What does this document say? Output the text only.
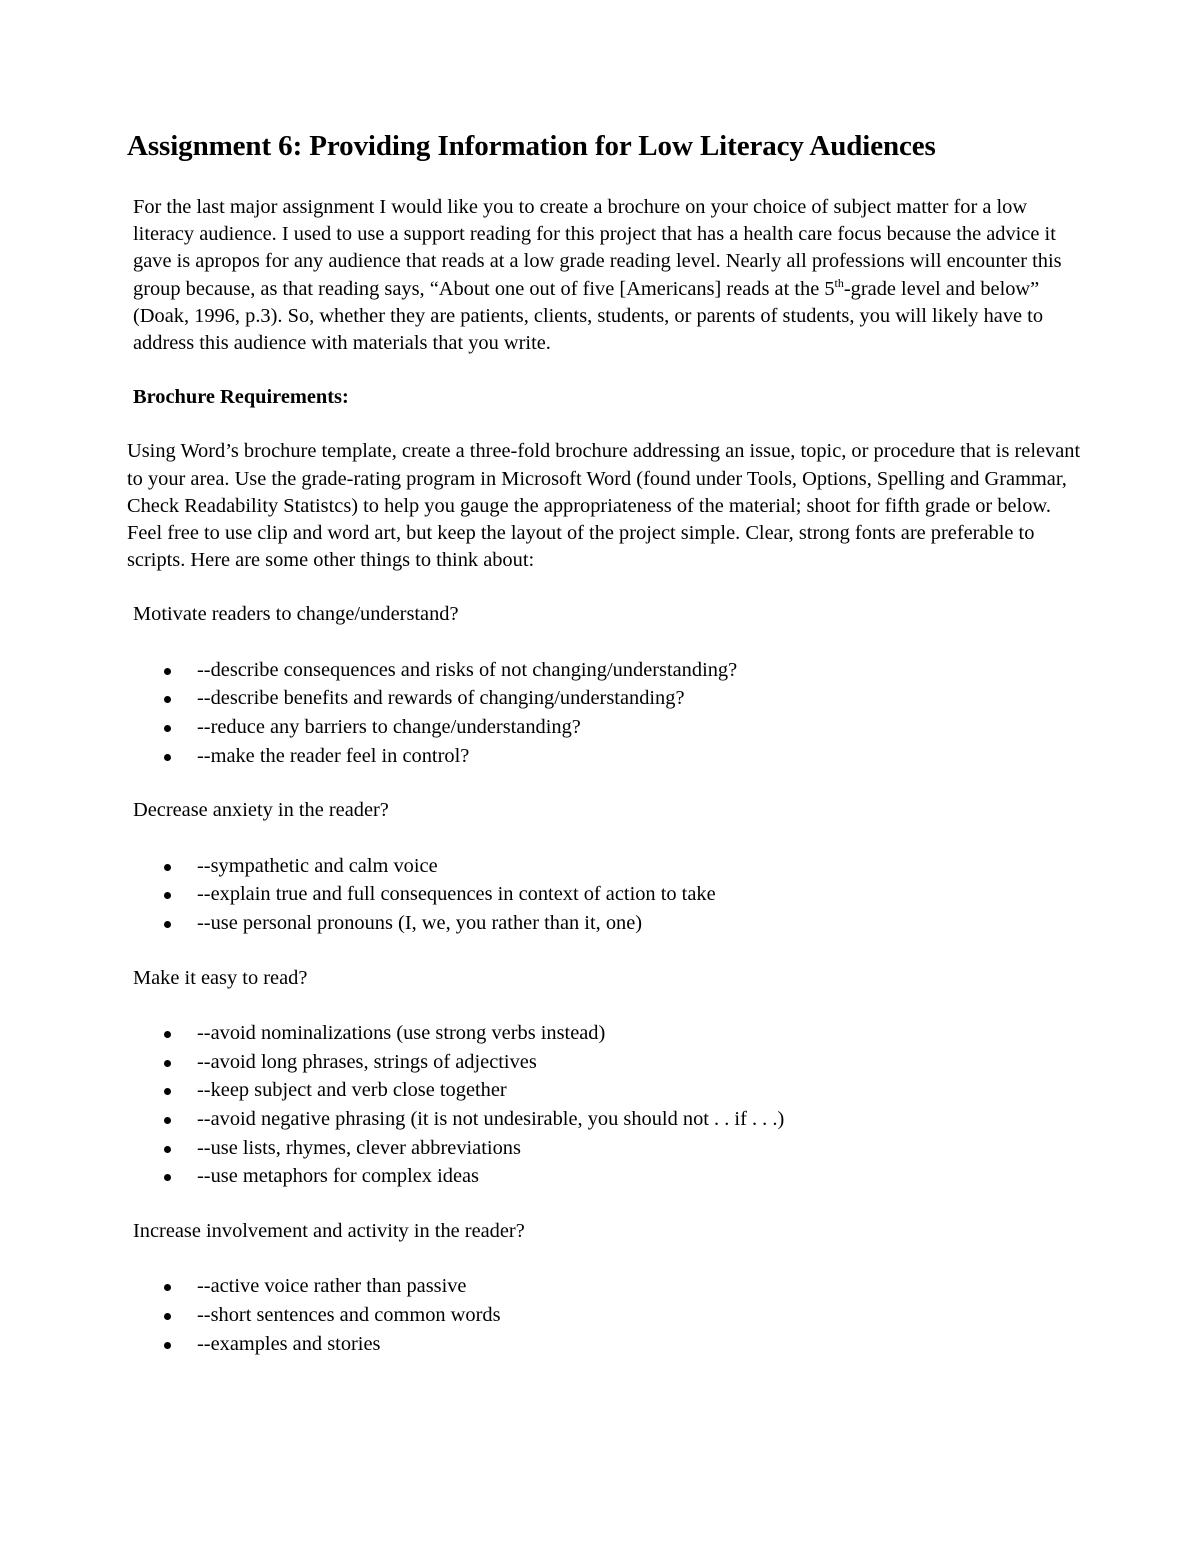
Assignment 6: Providing Information for Low Literacy Audiences

For the last major assignment I would like you to create a brochure on your choice of subject matter for a low literacy audience. I used to use a support reading for this project that has a health care focus because the advice it gave is apropos for any audience that reads at a low grade reading level. Nearly all professions will encounter this group because, as that reading says, “About one out of five [Americans] reads at the 5th-grade level and below” (Doak, 1996, p.3). So, whether they are patients, clients, students, or parents of students, you will likely have to address this audience with materials that you write.

Brochure Requirements:

Using Word’s brochure template, create a three-fold brochure addressing an issue, topic, or procedure that is relevant to your area. Use the grade-rating program in Microsoft Word (found under Tools, Options, Spelling and Grammar, Check Readability Statistcs) to help you gauge the appropriateness of the material; shoot for fifth grade or below. Feel free to use clip and word art, but keep the layout of the project simple. Clear, strong fonts are preferable to scripts. Here are some other things to think about:

Motivate readers to change/understand?

--describe consequences and risks of not changing/understanding?
--describe benefits and rewards of changing/understanding?
--reduce any barriers to change/understanding?
--make the reader feel in control?

Decrease anxiety in the reader?

--sympathetic and calm voice
--explain true and full consequences in context of action to take
--use personal pronouns (I, we, you rather than it, one)

Make it easy to read?

--avoid nominalizations (use strong verbs instead)
--avoid long phrases, strings of adjectives
--keep subject and verb close together
--avoid negative phrasing (it is not undesirable, you should not . . if . . .)
--use lists, rhymes, clever abbreviations
--use metaphors for complex ideas

Increase involvement and activity in the reader?

--active voice rather than passive
--short sentences and common words
--examples and stories
